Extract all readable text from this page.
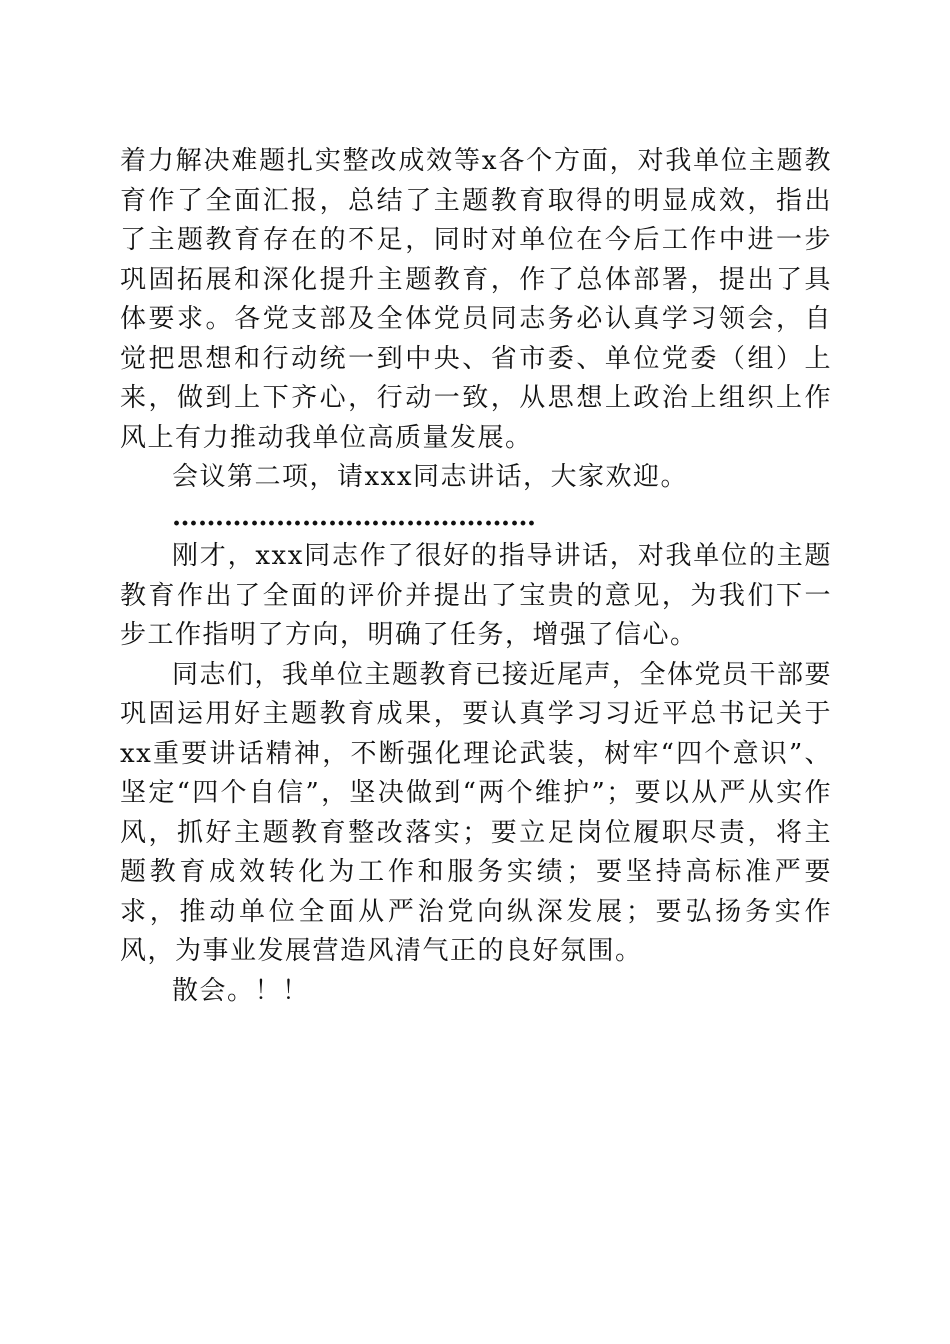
着力解决难题扎实整改成效等x各个方面，对我单位主题教育作了全面汇报，总结了主题教育取得的明显成效，指出了主题教育存在的不足，同时对单位在今后工作中进一步巩固拓展和深化提升主题教育，作了总体部署，提出了具体要求。各党支部及全体党员同志务必认真学习领会，自觉把思想和行动统一到中央、省市委、单位党委（组）上来，做到上下齐心，行动一致，从思想上政治上组织上作风上有力推动我单位高质量发展。

会议第二项，请xxx同志讲话，大家欢迎。

……………………………………

刚才，xxx同志作了很好的指导讲话，对我单位的主题教育作出了全面的评价并提出了宝贵的意见，为我们下一步工作指明了方向，明确了任务，增强了信心。

同志们，我单位主题教育已接近尾声，全体党员干部要巩固运用好主题教育成果，要认真学习习近平总书记关于xx重要讲话精神，不断强化理论武装，树牢“四个意识”、坚定“四个自信”，坚决做到“两个维护”；要以从严从实作风，抓好主题教育整改落实；要立足岗位履职尽责，将主题教育成效转化为工作和服务实绩；要坚持高标准严要求，推动单位全面从严治党向纵深发展；要弘扬务实作风，为事业发展营造风清气正的良好氛围。

散会。！！
